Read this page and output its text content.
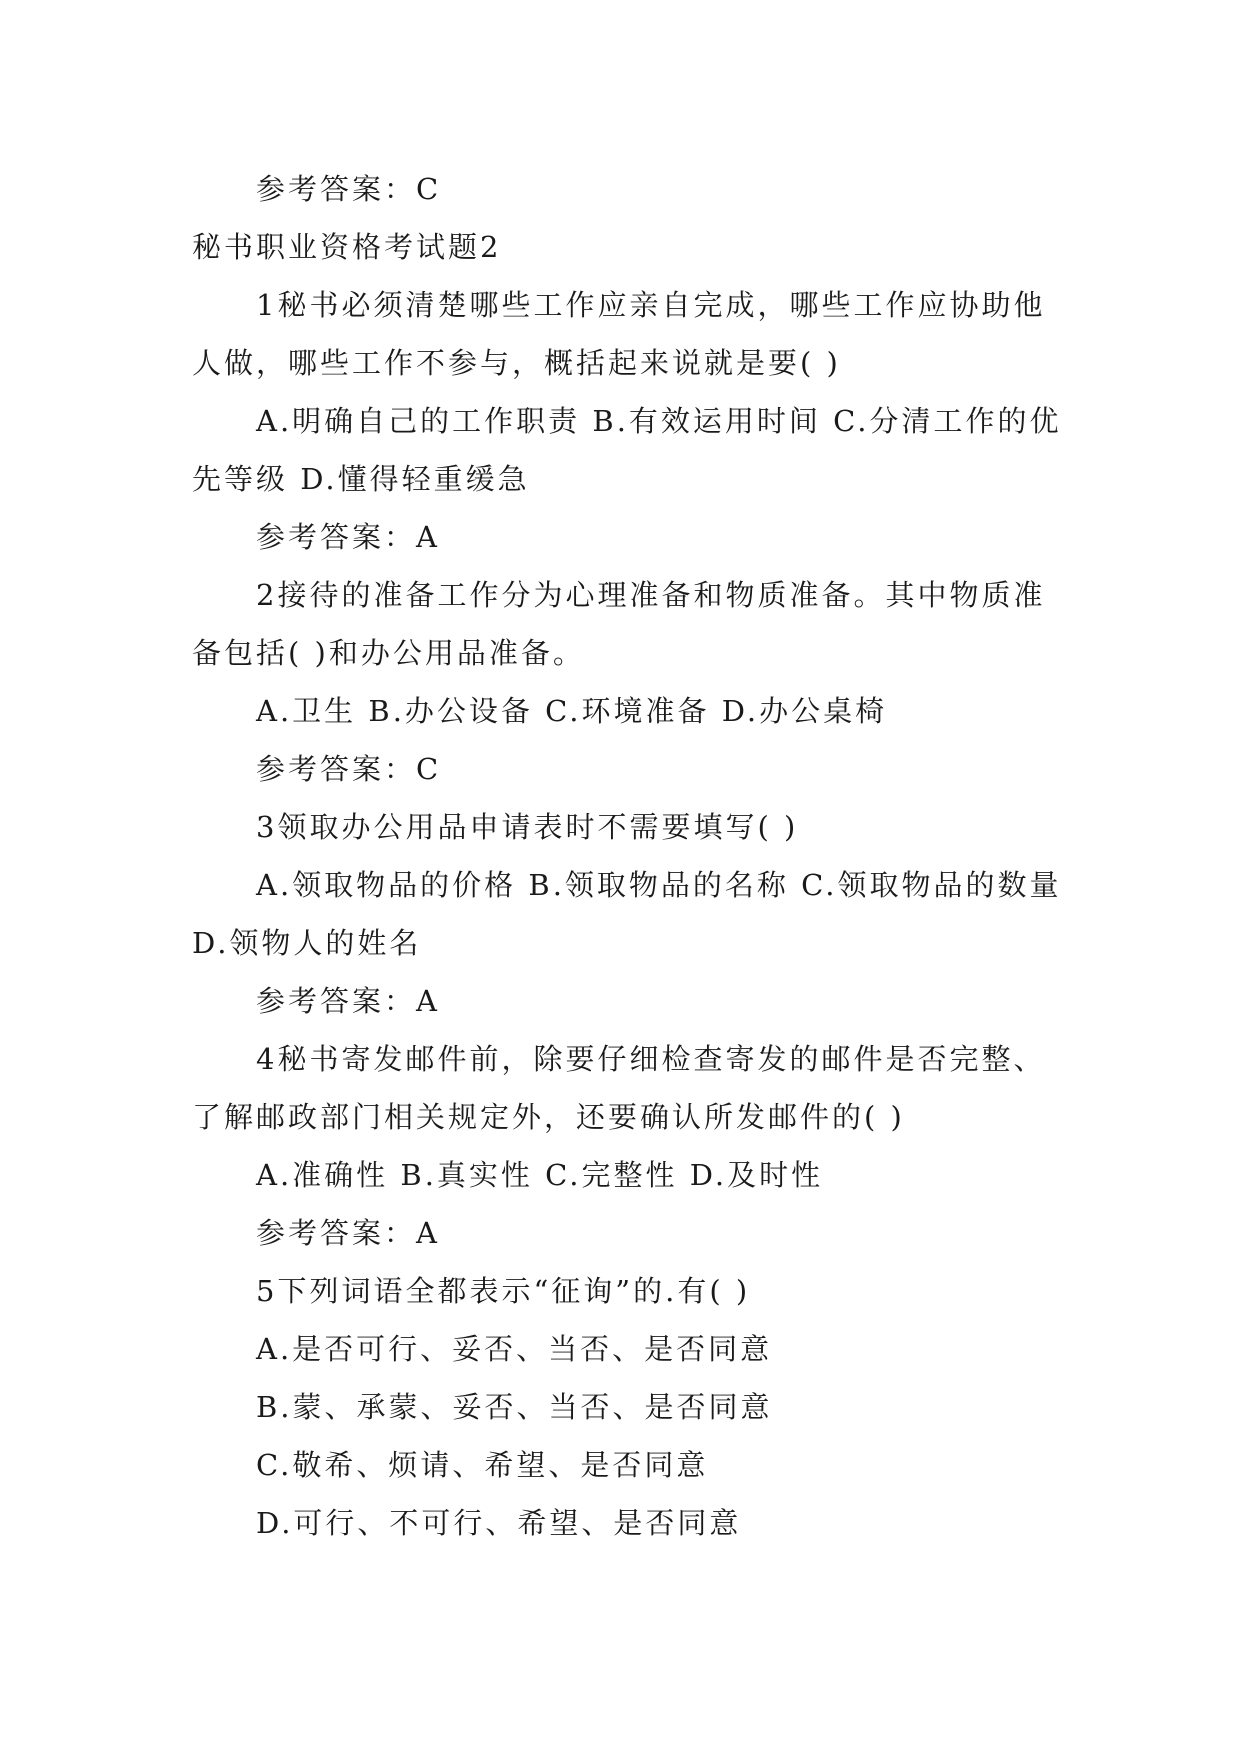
参考答案：C

秘书职业资格考试题2

1秘书必须清楚哪些工作应亲自完成，哪些工作应协助他人做，哪些工作不参与，概括起来说就是要( )

A.明确自己的工作职责 B.有效运用时间 C.分清工作的优先等级 D.懂得轻重缓急

参考答案：A

2接待的准备工作分为心理准备和物质准备。其中物质准备包括( )和办公用品准备。

A.卫生 B.办公设备 C.环境准备 D.办公桌椅

参考答案：C

3领取办公用品申请表时不需要填写( )

A.领取物品的价格 B.领取物品的名称 C.领取物品的数量 D.领物人的姓名

参考答案：A

4秘书寄发邮件前，除要仔细检查寄发的邮件是否完整、了解邮政部门相关规定外，还要确认所发邮件的( )

A.准确性 B.真实性 C.完整性 D.及时性

参考答案：A

5下列词语全都表示“征询”的.有( )

A.是否可行、妥否、当否、是否同意

B.蒙、承蒙、妥否、当否、是否同意

C.敬希、烦请、希望、是否同意

D.可行、不可行、希望、是否同意
